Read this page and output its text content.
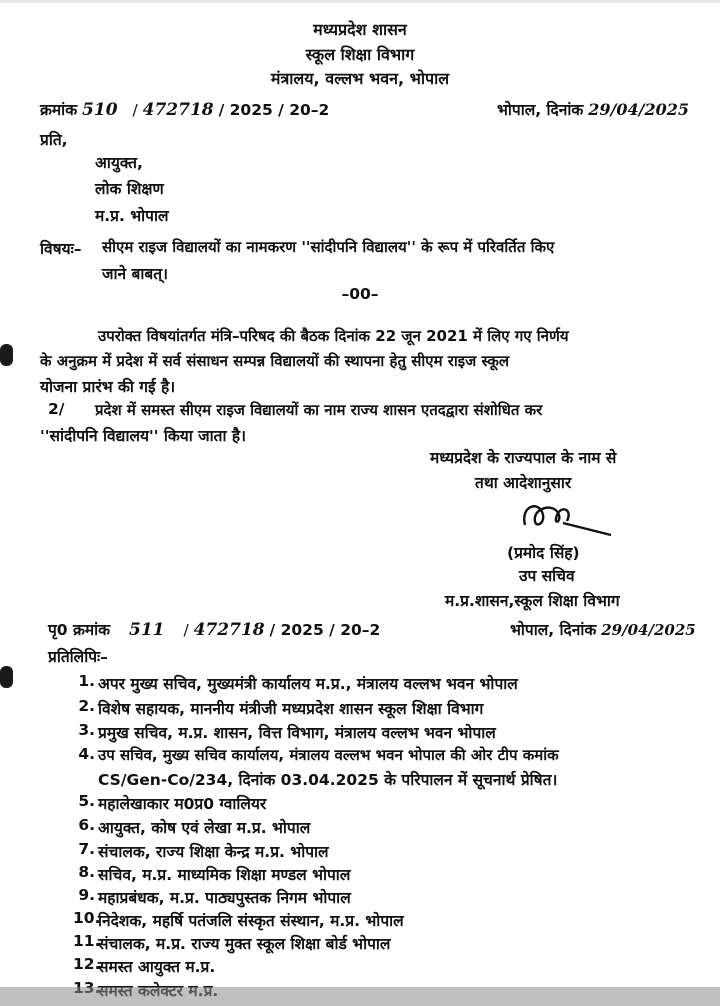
मध्यप्रदेश शासन
स्कूल शिक्षा विभाग
मंत्रालय, वल्लभ भवन, भोपाल
क्रमांक 510 / 472718 / 2025 / 20–2	भोपाल, दिनांक 29/04/2025
प्रति,
आयुक्त,
लोक शिक्षण
म.प्र. भोपाल
विषयः– सीएम राइज विद्यालयों का नामकरण ''सांदीपनि विद्यालय'' के रूप में परिवर्तित किए
जाने बाबत्।
–00–
उपरोक्त विषयांतर्गत मंत्रि–परिषद की बैठक दिनांक 22 जून 2021 में लिए गए निर्णय
के अनुक्रम में प्रदेश में सर्व संसाधन सम्पन्न विद्यालयों की स्थापना हेतु सीएम राइज स्कूल
योजना प्रारंभ की गई है।
2/ प्रदेश में समस्त सीएम राइज विद्यालयों का नाम राज्य शासन एतदद्वारा संशोधित कर
''सांदीपनि विद्यालय'' किया जाता है।
मध्यप्रदेश के राज्यपाल के नाम से
तथा आदेशानुसार
(प्रमोद सिंह)
उप सचिव
म.प्र.शासन,स्कूल शिक्षा विभाग
पृ0 क्रमांक 511 / 472718 / 2025 / 20–2	भोपाल, दिनांक 29/04/2025
प्रतिलिपिः–
1. अपर मुख्य सचिव, मुख्यमंत्री कार्यालय म.प्र., मंत्रालय वल्लभ भवन भोपाल
2. विशेष सहायक, माननीय मंत्रीजी मध्यप्रदेश शासन स्कूल शिक्षा विभाग
3. प्रमुख सचिव, म.प्र. शासन, वित्त विभाग, मंत्रालय वल्लभ भवन भोपाल
4. उप सचिव, मुख्य सचिव कार्यालय, मंत्रालय वल्लभ भवन भोपाल की ओर टीप कमांक
CS/Gen-Co/234, दिनांक 03.04.2025 के परिपालन में सूचनार्थ प्रेषित।
5. महालेखाकार म0प्र0 ग्वालियर
6. आयुक्त, कोष एवं लेखा म.प्र. भोपाल
7. संचालक, राज्य शिक्षा केन्द्र म.प्र. भोपाल
8. सचिव, म.प्र. माध्यमिक शिक्षा मण्डल भोपाल
9. महाप्रबंधक, म.प्र. पाठ्यपुस्तक निगम भोपाल
10.
निदेशक, महर्षि पतंजलि संस्कृत संस्थान, म.प्र. भोपाल
11.
संचालक, म.प्र. राज्य मुक्त स्कूल शिक्षा बोर्ड भोपाल
12.
समस्त आयुक्त म.प्र.
